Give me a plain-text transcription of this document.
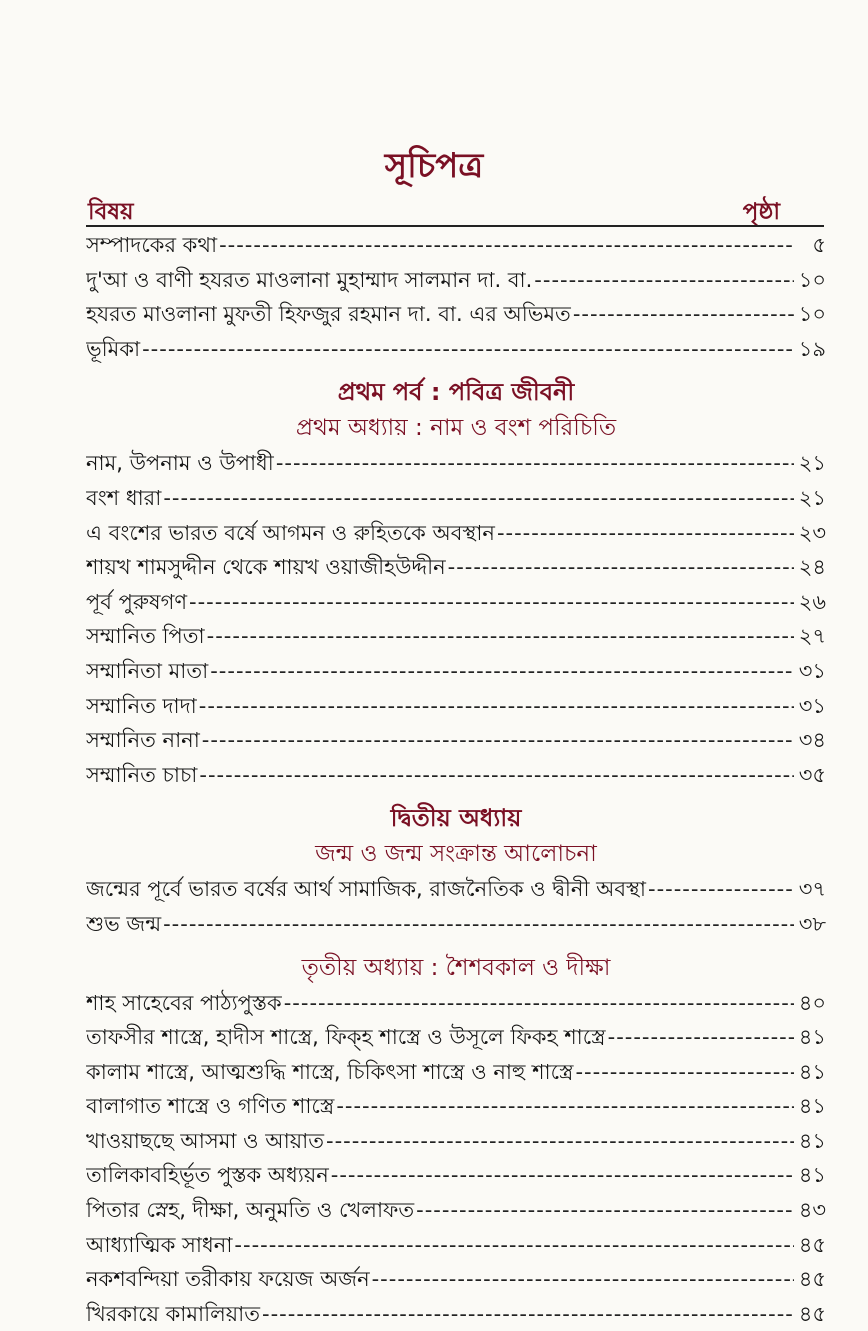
সূচিপত্র
বিষয়	পৃষ্ঠা
সম্পাদকের কথা -----	৫
দু'আ ও বাণী হযরত মাওলানা মুহাম্মাদ সালমান দা. বা. -----	১০
হযরত মাওলানা মুফতী হিফজুর রহমান দা. বা. এর অভিমত -----	১০
ভূমিকা -----	১৯
প্রথম পর্ব : পবিত্র জীবনী
প্রথম অধ্যায় : নাম ও বংশ পরিচিতি
নাম, উপনাম ও উপাধী -----	২১
বংশ ধারা -----	২১
এ বংশের ভারত বর্ষে আগমন ও রুহিতকে অবস্থান -----	২৩
শায়খ শামসুদ্দীন থেকে শায়খ ওয়াজীহউদ্দীন -----	২৪
পূর্ব পুরুষগণ -----	২৬
সম্মানিত পিতা -----	২৭
সম্মানিতা মাতা -----	৩১
সম্মানিত দাদা -----	৩১
সম্মানিত নানা -----	৩৪
সম্মানিত চাচা -----	৩৫
দ্বিতীয় অধ্যায়
জন্ম ও জন্ম সংক্রান্ত আলোচনা
জন্মের পূর্বে ভারত বর্ষের আর্থ সামাজিক, রাজনৈতিক ও দ্বীনী অবস্থা -----	৩৭
শুভ জন্ম -----	৩৮
তৃতীয় অধ্যায় : শৈশবকাল ও দীক্ষা
শাহ সাহেবের পাঠ্যপুস্তক -----	৪০
তাফসীর শাস্ত্রে, হাদীস শাস্ত্রে, ফিক্‌হ শাস্ত্রে ও উসূলে ফিকহ শাস্ত্রে -----	৪১
কালাম শাস্ত্রে, আত্মশুদ্ধি শাস্ত্রে, চিকিৎসা শাস্ত্রে ও নাহু শাস্ত্রে -----	৪১
বালাগাত শাস্ত্রে ও গণিত শাস্ত্রে -----	৪১
খাওয়াছছে আসমা ও আয়াত -----	৪১
তালিকাবহির্ভূত পুস্তক অধ্যয়ন -----	৪১
পিতার স্নেহ, দীক্ষা, অনুমতি ও খেলাফত -----	৪৩
আধ্যাত্মিক সাধনা -----	৪৫
নকশবন্দিয়া তরীকায় ফয়েজ অর্জন -----	৪৫
খিরকায়ে কামালিয়াত -----	৪৫
